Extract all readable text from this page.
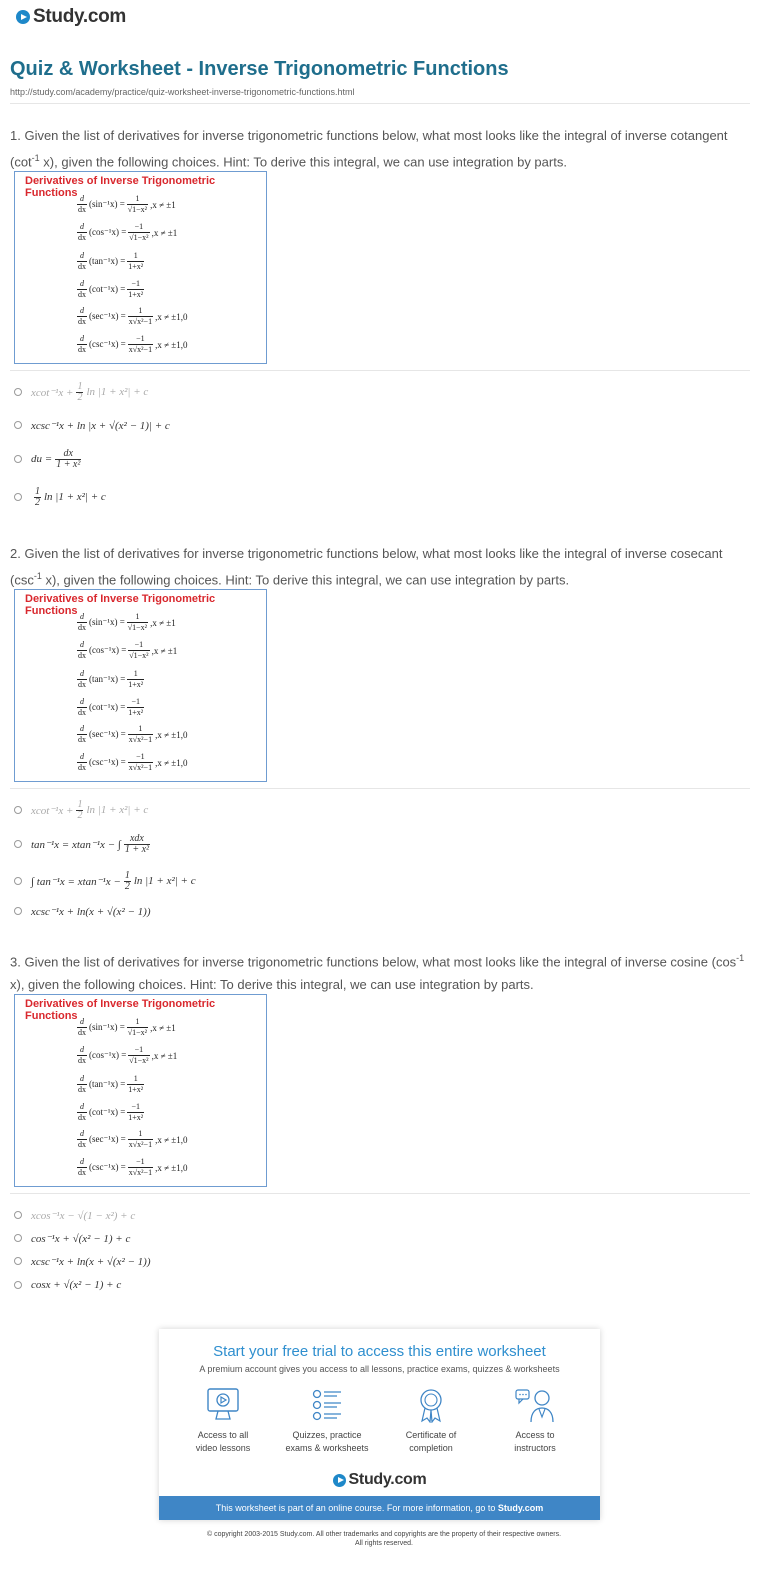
Study.com
Quiz & Worksheet - Inverse Trigonometric Functions
http://study.com/academy/practice/quiz-worksheet-inverse-trigonometric-functions.html
1. Given the list of derivatives for inverse trigonometric functions below, what most looks like the integral of inverse cotangent ($\cot^{-1}$ x), given the following choices. Hint: To derive this integral, we can use integration by parts.
Derivatives of Inverse Trigonometric Functions
$\frac{d}{dx} (\sin^{-1}x) = \frac{1}{\text{√1−x²}} ,x \ne \pm 1$
$\frac{d}{dx} (\cos^{-1}x) = \frac{-1}{\text{√1−x²}} ,x \ne \pm 1$
$\frac{d}{dx} (\tan^{-1}x) = \frac{1}{\text{1+x²}}$
$\frac{d}{dx} (\cot^{-1}x) = \frac{-1}{\text{1+x²}}$
$\frac{d}{dx} (\sec^{-1}x) = \frac{1}{\text{x√x²−1}} ,x \ne \pm 1,0$
$\frac{d}{dx} (\csc^{-1}x) = \frac{-1}{\text{x√x²−1}} ,x \ne \pm 1,0$
$xcot^{-1}x + \frac{1}{2}$ ln |1 + x²| + c
xcsc⁻¹x + ln |x + √(x² − 1)| + c
du = $\frac{dx}{\text{1 + x²}}$
$\frac{1}{2}$ ln |1 + x²| + c
2. Given the list of derivatives for inverse trigonometric functions below, what most looks like the integral of inverse cosecant ($\csc^{-1}$ x), given the following choices. Hint: To derive this integral, we can use integration by parts.
Derivatives of Inverse Trigonometric Functions
$\frac{d}{dx} (\sin^{-1}x) = \frac{1}{\text{√1−x²}} ,x \ne \pm 1$
$\frac{d}{dx} (\cos^{-1}x) = \frac{-1}{\text{√1−x²}} ,x \ne \pm 1$
$\frac{d}{dx} (\tan^{-1}x) = \frac{1}{\text{1+x²}}$
$\frac{d}{dx} (\cot^{-1}x) = \frac{-1}{\text{1+x²}}$
$\frac{d}{dx} (\sec^{-1}x) = \frac{1}{\text{x√x²−1}} ,x \ne \pm 1,0$
$\frac{d}{dx} (\csc^{-1}x) = \frac{-1}{\text{x√x²−1}} ,x \ne \pm 1,0$
$xcot^{-1}x + \frac{1}{2}$ ln |1 + x²| + c
tan⁻¹x = xtan⁻¹x − ∫ $\frac{\text{xdx}}{\text{1 + x²}}$
∫ $\tan^{-1}x = xtan^{-1}x - \frac{1}{2}$ ln |1 + x²| + c
xcsc⁻¹x + ln(x + √(x² − 1))
3. Given the list of derivatives for inverse trigonometric functions below, what most looks like the integral of inverse cosine ($\cos^{-1}$ x), given the following choices. Hint: To derive this integral, we can use integration by parts.
Derivatives of Inverse Trigonometric Functions
$\frac{d}{dx} (\sin^{-1}x) = \frac{1}{\text{√1−x²}} ,x \ne \pm 1$
$\frac{d}{dx} (\cos^{-1}x) = \frac{-1}{\text{√1−x²}} ,x \ne \pm 1$
$\frac{d}{dx} (\tan^{-1}x) = \frac{1}{\text{1+x²}}$
$\frac{d}{dx} (\cot^{-1}x) = \frac{-1}{\text{1+x²}}$
$\frac{d}{dx} (\sec^{-1}x) = \frac{1}{\text{x√x²−1}} ,x \ne \pm 1,0$
$\frac{d}{dx} (\csc^{-1}x) = \frac{-1}{\text{x√x²−1}} ,x \ne \pm 1,0$
xcos⁻¹x − √(1 − x²) + c
cos⁻¹x + √(x² − 1) + c
xcsc⁻¹x + ln(x + √(x² − 1))
cosx + √(x² − 1) + c
Start your free trial to access this entire worksheet
A premium account gives you access to all lessons, practice exams, quizzes & worksheets
Access to all
video lessons
Quizzes, practice
exams & worksheets
Certificate of
completion
Access to
instructors
Study.com
This worksheet is part of an online course. For more information, go to Study.com
© copyright 2003-2015 Study.com. All other trademarks and copyrights are the property of their respective owners.
All rights reserved.
